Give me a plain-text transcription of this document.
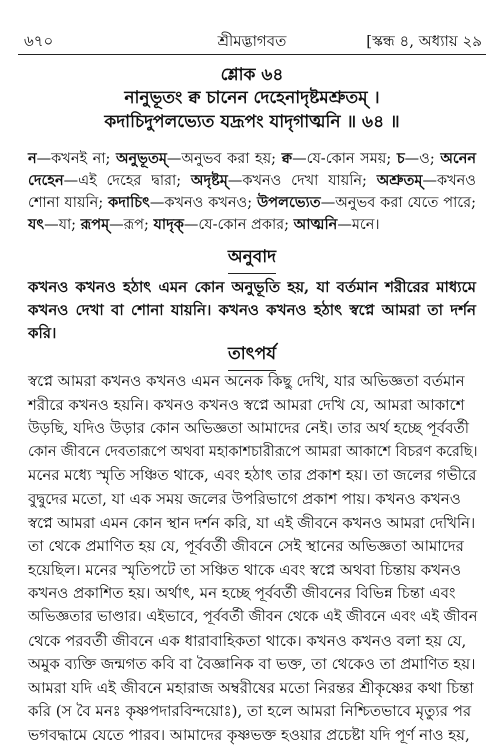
৬৭০	শ্রীমদ্ভাগবত	[স্কন্ধ ৪, অধ্যায় ২৯
শ্লোক ৬৪
নানুভূতং ক্ব চানেন দেহেনাদৃষ্টমশ্রুতম্ ।
কদাচিদুপলভ্যেত যদ্রূপং যাদৃগাত্মনি ॥ ৬৪ ॥
ন—কখনই না; অনুভূতম্—অনুভব করা হয়; ক্ব—যে-কোন সময়; চ—ও; অনেন দেহেন—এই দেহের দ্বারা; অদৃষ্টম্—কখনও দেখা যায়নি; অশ্রুতম্—কখনও শোনা যায়নি; কদাচিৎ—কখনও কখনও; উপলভ্যেত—অনুভব করা যেতে পারে; যৎ—যা; রূপম্—রূপ; যাদৃক্—যে-কোন প্রকার; আত্মনি—মনে।
অনুবাদ
কখনও কখনও হঠাৎ এমন কোন অনুভূতি হয়, যা বর্তমান শরীরের মাধ্যমে কখনও দেখা বা শোনা যায়নি। কখনও কখনও হঠাৎ স্বপ্নে আমরা তা দর্শন করি।
তাৎপর্য
স্বপ্নে আমরা কখনও কখনও এমন অনেক কিছু দেখি, যার অভিজ্ঞতা বর্তমান
শরীরে কখনও হয়নি। কখনও কখনও স্বপ্নে আমরা দেখি যে, আমরা আকাশে
উড়ছি, যদিও উড়ার কোন অভিজ্ঞতা আমাদের নেই। তার অর্থ হচ্ছে পূর্ববর্তী
কোন জীবনে দেবতারূপে অথবা মহাকাশচারীরূপে আমরা আকাশে বিচরণ করেছি।
মনের মধ্যে স্মৃতি সঞ্চিত থাকে, এবং হঠাৎ তার প্রকাশ হয়। তা জলের গভীরে
বুদ্বুদের মতো, যা এক সময় জলের উপরিভাগে প্রকাশ পায়। কখনও কখনও
স্বপ্নে আমরা এমন কোন স্থান দর্শন করি, যা এই জীবনে কখনও আমরা দেখিনি।
তা থেকে প্রমাণিত হয় যে, পূর্ববর্তী জীবনে সেই স্থানের অভিজ্ঞতা আমাদের
হয়েছিল। মনের স্মৃতিপটে তা সঞ্চিত থাকে এবং স্বপ্নে অথবা চিন্তায় কখনও
কখনও প্রকাশিত হয়। অর্থাৎ, মন হচ্ছে পূর্ববর্তী জীবনের বিভিন্ন চিন্তা এবং
অভিজ্ঞতার ভাণ্ডার। এইভাবে, পূর্ববর্তী জীবন থেকে এই জীবনে এবং এই জীবন
থেকে পরবর্তী জীবনে এক ধারাবাহিকতা থাকে। কখনও কখনও বলা হয় যে,
অমুক ব্যক্তি জন্মগত কবি বা বৈজ্ঞানিক বা ভক্ত, তা থেকেও তা প্রমাণিত হয়।
আমরা যদি এই জীবনে মহারাজ অম্বরীষের মতো নিরন্তর শ্রীকৃষ্ণের কথা চিন্তা
করি (স বৈ মনঃ কৃষ্ণপদারবিন্দয়োঃ), তা হলে আমরা নিশ্চিতভাবে মৃত্যুর পর
ভগবদ্ধামে যেতে পারব। আমাদের কৃষ্ণভক্ত হওয়ার প্রচেষ্টা যদি পূর্ণ নাও হয়,
